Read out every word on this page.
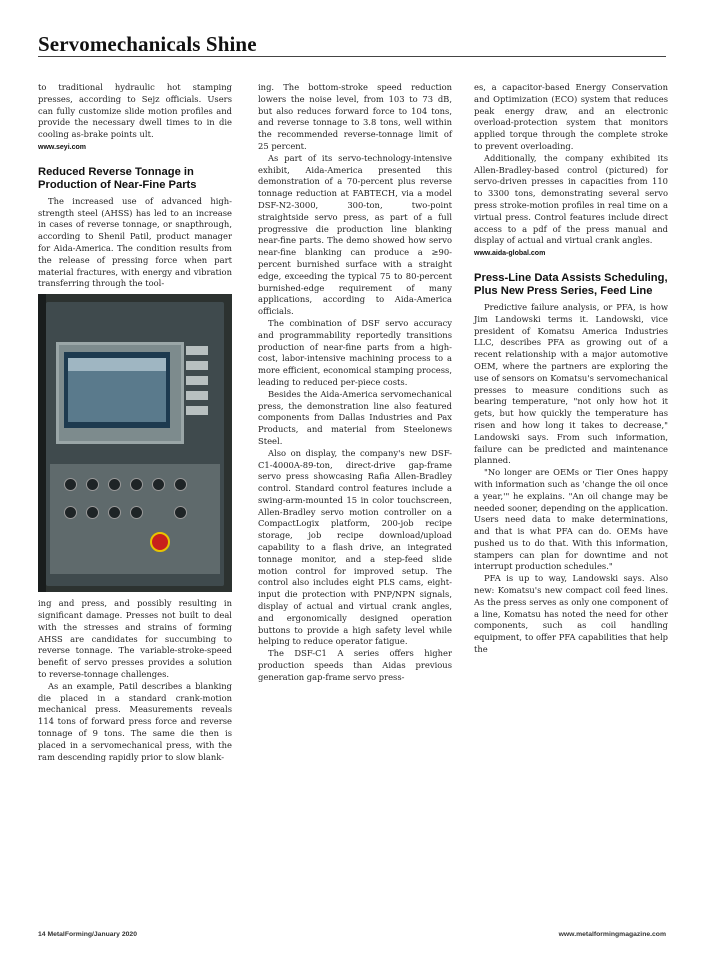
Servomechanicals Shine

to traditional hydraulic hot stamping presses, according to Sejz officials. Users can fully customize slide motion profiles and provide the necessary dwell times to in die cooling as-brake points ult.

www.seyi.com
Reduced Reverse Tonnage in Production of Near-Fine Parts

The increased use of advanced high-strength steel (AHSS) has led to an increase in cases of reverse tonnage, or snapthrough, according to Shenil Patil, product manager for Aida-America. The condition results from the release of pressing force when part material fractures, with energy and vibration transferring through the tool-

ing and press, and possibly resulting in significant damage. Presses not built to deal with the stresses and strains of forming AHSS are candidates for succumbing to reverse tonnage. The variable-stroke-speed benefit of servo presses provides a solution to reverse-tonnage challenges.

As an example, Patil describes a blanking die placed in a standard crank-motion mechanical press. Measurements reveals 114 tons of forward press force and reverse tonnage of 9 tons. The same die then is placed in a servomechanical press, with the ram descending rapidly prior to slow blank-

ing. The bottom-stroke speed reduction lowers the noise level, from 103 to 73 dB, but also reduces forward force to 104 tons, and reverse tonnage to 3.8 tons, well within the recommended reverse-tonnage limit of 25 percent.

As part of its servo-technology-intensive exhibit, Aida-America presented this demonstration of a 70-percent plus reverse tonnage reduction at FABTECH, via a model DSF-N2-3000, 300-ton, two-point straightside servo press, as part of a full progressive die production line blanking near-fine parts. The demo showed how servo near-fine blanking can produce a ≥90-percent burnished surface with a straight edge, exceeding the typical 75 to 80-percent burnished-edge requirement of many applications, according to Aida-America officials.

The combination of DSF servo accuracy and programmability reportedly transitions production of near-fine parts from a high-cost, labor-intensive machining process to a more efficient, economical stamping process, leading to reduced per-piece costs.

Besides the Aida-America servomechanical press, the demonstration line also featured components from Dallas Industries and Pax Products, and material from Steelonews Steel.

Also on display, the company's new DSF-C1-4000A-89-ton, direct-drive gap-frame servo press showcasing Rafia Allen-Bradley control. Standard control features include a swing-arm-mounted 15 in color touchscreen, Allen-Bradley servo motion controller on a CompactLogix platform, 200-job recipe storage, job recipe download/upload capability to a flash drive, an integrated tonnage monitor, and a step-feed slide motion control for improved setup. The control also includes eight PLS cams, eight-input die protection with PNP/NPN signals, display of actual and virtual crank angles, and ergonomically designed operation buttons to provide a high safety level while helping to reduce operator fatigue.

The DSF-C1 A series offers higher production speeds than Aidas previous generation gap-frame servo press-

es, a capacitor-based Energy Conservation and Optimization (ECO) system that reduces peak energy draw, and an electronic overload-protection system that monitors applied torque through the complete stroke to prevent overloading.

Additionally, the company exhibited its Allen-Bradley-based control (pictured) for servo-driven presses in capacities from 110 to 3300 tons, demonstrating several servo press stroke-motion profiles in real time on a virtual press. Control features include direct access to a pdf of the press manual and display of actual and virtual crank angles.

www.aida-global.com
Press-Line Data Assists Scheduling, Plus New Press Series, Feed Line

Predictive failure analysis, or PFA, is how Jim Landowski terms it. Landowski, vice president of Komatsu America Industries LLC, describes PFA as growing out of a recent relationship with a major automotive OEM, where the partners are exploring the use of sensors on Komatsu's servomechanical presses to measure conditions such as bearing temperature, "not only how hot it gets, but how quickly the temperature has risen and how long it takes to decrease," Landowski says. From such information, failure can be predicted and maintenance planned.

"No longer are OEMs or Tier Ones happy with information such as 'change the oil once a year,'" he explains. "An oil change may be needed sooner, depending on the application. Users need data to make determinations, and that is what PFA can do. OEMs have pushed us to do that. With this information, stampers can plan for downtime and not interrupt production schedules."

PFA is up to way, Landowski says. Also new: Komatsu's new compact coil feed lines. As the press serves as only one component of a line, Komatsu has noted the need for other components, such as coil handling equipment, to offer PFA capabilities that help the

14 MetalForming/January 2020	www.metalformingmagazine.com
